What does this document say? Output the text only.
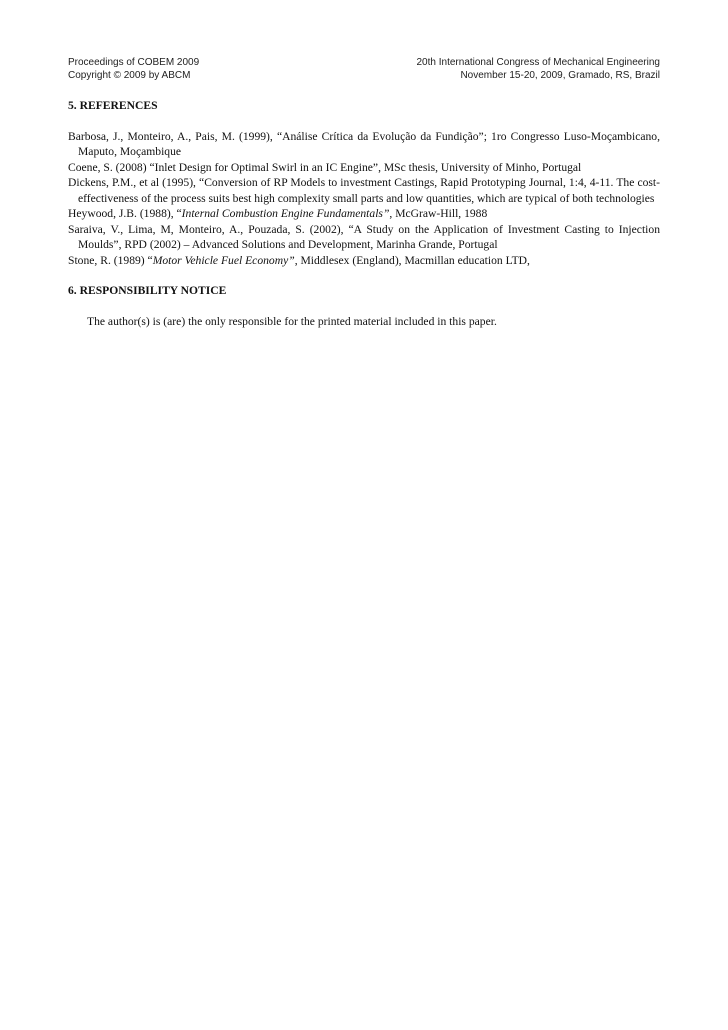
Proceedings of COBEM 2009
Copyright © 2009 by ABCM
20th International Congress of Mechanical Engineering
November 15-20, 2009, Gramado, RS, Brazil
5. REFERENCES
Barbosa, J., Monteiro, A., Pais, M. (1999), “Análise Crítica da Evolução da Fundição”; 1ro Congresso Luso-Moçambicano, Maputo, Moçambique
Coene, S. (2008) “Inlet Design for Optimal Swirl in an IC Engine”, MSc thesis, University of Minho, Portugal
Dickens, P.M., et al (1995), “Conversion of RP Models to investment Castings, Rapid Prototyping Journal, 1:4, 4-11. The cost-effectiveness of the process suits best high complexity small parts and low quantities, which are typical of both technologies
Heywood, J.B. (1988), “Internal Combustion Engine Fundamentals”, McGraw-Hill, 1988
Saraiva, V., Lima, M, Monteiro, A., Pouzada, S. (2002), “A Study on the Application of Investment Casting to Injection Moulds”, RPD (2002) – Advanced Solutions and Development, Marinha Grande, Portugal
Stone, R. (1989) “Motor Vehicle Fuel Economy”, Middlesex (England), Macmillan education LTD,
6. RESPONSIBILITY NOTICE

The author(s) is (are) the only responsible for the printed material included in this paper.
